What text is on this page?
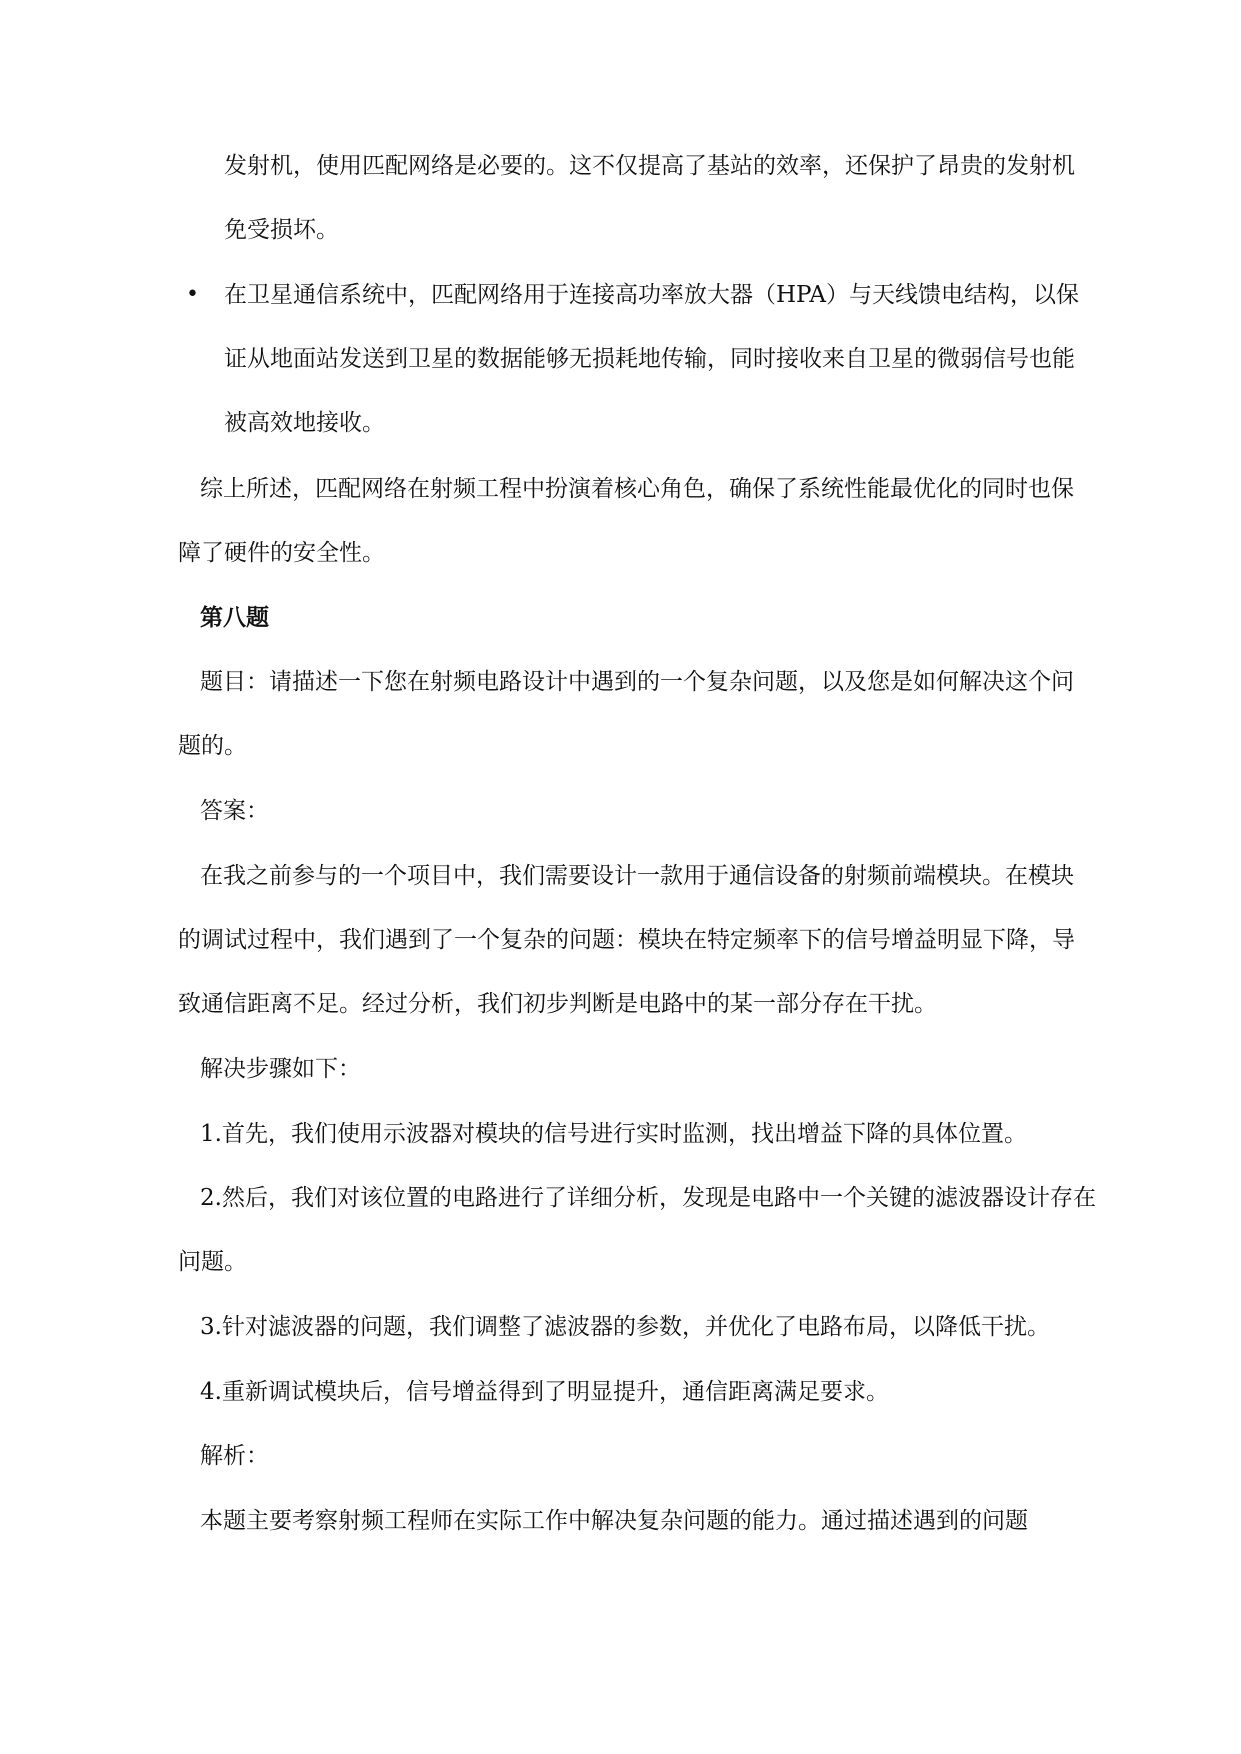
发射机，使用匹配网络是必要的。这不仅提高了基站的效率，还保护了昂贵的发射机免受损坏。
• 在卫星通信系统中，匹配网络用于连接高功率放大器（HPA）与天线馈电结构，以保证从地面站发送到卫星的数据能够无损耗地传输，同时接收来自卫星的微弱信号也能被高效地接收。
综上所述，匹配网络在射频工程中扮演着核心角色，确保了系统性能最优化的同时也保障了硬件的安全性。
第八题
题目：请描述一下您在射频电路设计中遇到的一个复杂问题，以及您是如何解决这个问题的。
答案：
在我之前参与的一个项目中，我们需要设计一款用于通信设备的射频前端模块。在模块的调试过程中，我们遇到了一个复杂的问题：模块在特定频率下的信号增益明显下降，导致通信距离不足。经过分析，我们初步判断是电路中的某一部分存在干扰。
解决步骤如下：
1.首先，我们使用示波器对模块的信号进行实时监测，找出增益下降的具体位置。
2.然后，我们对该位置的电路进行了详细分析，发现是电路中一个关键的滤波器设计存在问题。
3.针对滤波器的问题，我们调整了滤波器的参数，并优化了电路布局，以降低干扰。
4.重新调试模块后，信号增益得到了明显提升，通信距离满足要求。
解析：
本题主要考察射频工程师在实际工作中解决复杂问题的能力。通过描述遇到的问题
